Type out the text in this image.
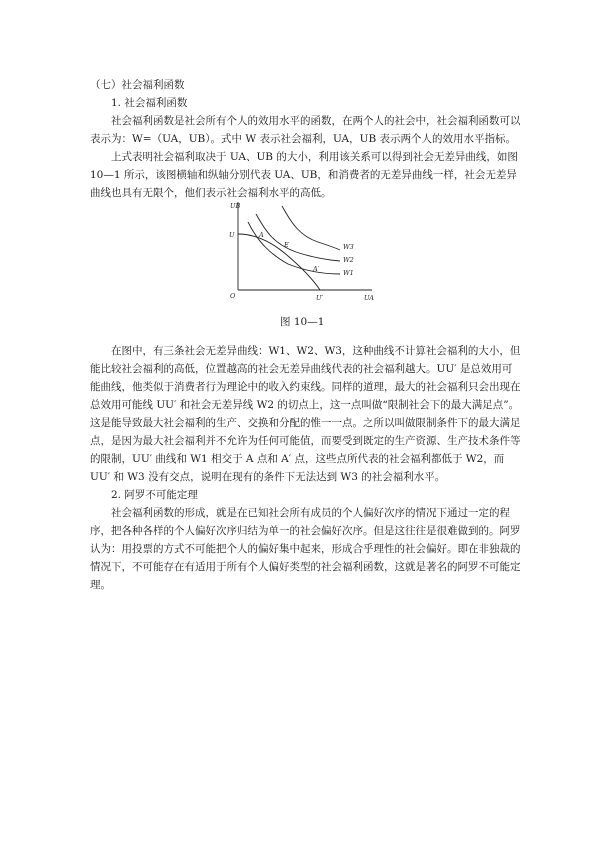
（七）社会福利函数

1. 社会福利函数

社会福利函数是社会所有个人的效用水平的函数，在两个人的社会中，社会福利函数可以表示为：W=（UA，UB）。式中 W 表示社会福利，UA，UB 表示两个人的效用水平指标。

上式表明社会福利取决于 UA、UB 的大小，利用该关系可以得到社会无差异曲线，如图 10—1 所示，该图横轴和纵轴分别代表 UA、UB，和消费者的无差异曲线一样，社会无差异曲线也具有无限个，他们表示社会福利水平的高低。

UB
UA
O
U	A
E
A′
U′
W3
W2
W1
图 10—1

在图中，有三条社会无差异曲线：W1、W2、W3，这种曲线不计算社会福利的大小，但能比较社会福利的高低，位置越高的社会无差异曲线代表的社会福利越大。UU′ 是总效用可能曲线，他类似于消费者行为理论中的收入约束线。同样的道理，最大的社会福利只会出现在总效用可能线 UU′ 和社会无差异线 W2 的切点上，这一点叫做“限制社会下的最大满足点”。这是能导致最大社会福利的生产、交换和分配的惟一一点。之所以叫做限制条件下的最大满足点，是因为最大社会福利并不允许为任何可能值，而要受到既定的生产资源、生产技术条件等的限制，UU′ 曲线和 W1 相交于 A 点和 A′ 点，这些点所代表的社会福利都低于 W2，而 UU′ 和 W3 没有交点，说明在现有的条件下无法达到 W3 的社会福利水平。

2. 阿罗不可能定理

社会福利函数的形成，就是在已知社会所有成员的个人偏好次序的情况下通过一定的程序，把各种各样的个人偏好次序归结为单一的社会偏好次序。但是这往往是很难做到的。阿罗认为：用投票的方式不可能把个人的偏好集中起来，形成合乎理性的社会偏好。即在非独裁的情况下，不可能存在有适用于所有个人偏好类型的社会福利函数，这就是著名的阿罗不可能定理。
